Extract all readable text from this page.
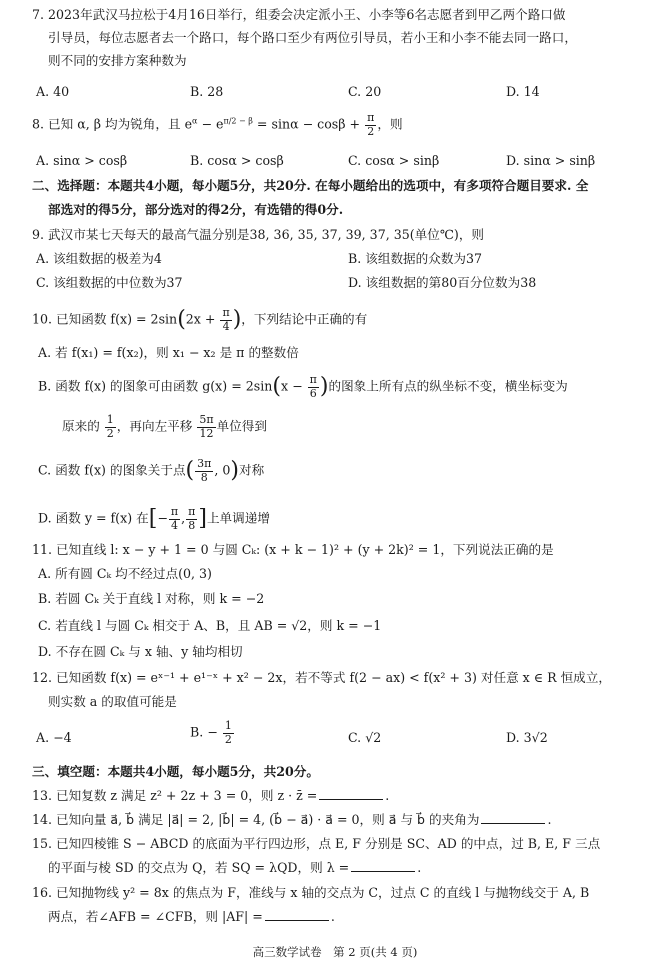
7. 2023年武汉马拉松于4月16日举行，组委会决定派小王、小李等6名志愿者到甲乙两个路口做
引导员，每位志愿者去一个路口，每个路口至少有两位引导员，若小王和小李不能去同一路口，
则不同的安排方案种数为
A. 40	B. 28	C. 20	D. 14
8. 已知 α, β 均为锐角，且 $e^\alpha - e^{\pi/2 - \beta} = \sin\alpha - \cos\beta + \frac{\pi}{2}$ ，则
A. sinα > cosβ	B. cosα > cosβ	C. cosα > sinβ	D. sinα > sinβ
二、选择题：本题共4小题，每小题5分，共20分. 在每小题给出的选项中，有多项符合题目要求. 全
部选对的得5分，部分选对的得2分，有选错的得0分.
9. 武汉市某七天每天的最高气温分别是38, 36, 35, 37, 39, 37, 35(单位℃)，则
A. 该组数据的极差为4	B. 该组数据的众数为37
C. 该组数据的中位数为37	D. 该组数据的第80百分位数为38
10. 已知函数 $f(x) = 2\sin(2x + \frac{\pi}{4}$ )，下列结论中正确的有
A. 若 f(x₁) = f(x₂)，则 x₁ − x₂ 是 π 的整数倍
B. 函数 f(x) 的图象可由函数 $g(x) = 2\sin(x - \frac{\pi}{6}$ )的图象上所有点的纵坐标不变，横坐标变为
原来的 $\frac{1}{2}$ ，再向左平移 $\frac{5\pi}{12}$ 单位得到
C. 函数 f(x) 的图象关于点( $\frac{3\pi}{8}$ , 0)对称
D. 函数 y = f(x) 在[− $\frac{\pi}{4}$ , $\frac{\pi}{8}$ ]上单调递增
11. 已知直线 l: x − y + 1 = 0 与圆 Cₖ: (x + k − 1)² + (y + 2k)² = 1，下列说法正确的是
A. 所有圆 Cₖ 均不经过点(0, 3)
B. 若圆 Cₖ 关于直线 l 对称，则 k = −2
C. 若直线 l 与圆 Cₖ 相交于 A、B，且 AB = √2，则 k = −1
D. 不存在圆 Cₖ 与 x 轴、y 轴均相切
12. 已知函数 f(x) = eˣ⁻¹ + e¹⁻ˣ + x² − 2x，若不等式 f(2 − ax) < f(x² + 3) 对任意 x ∈ R 恒成立，
则实数 a 的取值可能是
A. −4	B. − $\frac{1}{2}$	C. √2	D. 3√2
三、填空题：本题共4小题，每小题5分，共20分。
13. 已知复数 z 满足 z² + 2z + 3 = 0，则 z · z̄ =	.
14. 已知向量 a⃗, b⃗ 满足 |a⃗| = 2, |b⃗| = 4, (b⃗ − a⃗) · a⃗ = 0，则 a⃗ 与 b⃗ 的夹角为	.
15. 已知四棱锥 S − ABCD 的底面为平行四边形，点 E, F 分别是 SC、AD 的中点，过 B, E, F 三点
的平面与棱 SD 的交点为 Q，若 SQ = λQD，则 λ =	.
16. 已知抛物线 y² = 8x 的焦点为 F，准线与 x 轴的交点为 C，过点 C 的直线 l 与抛物线交于 A, B
两点，若∠AFB = ∠CFB，则 |AF| =	.
高三数学试卷　第 2 页(共 4 页)
